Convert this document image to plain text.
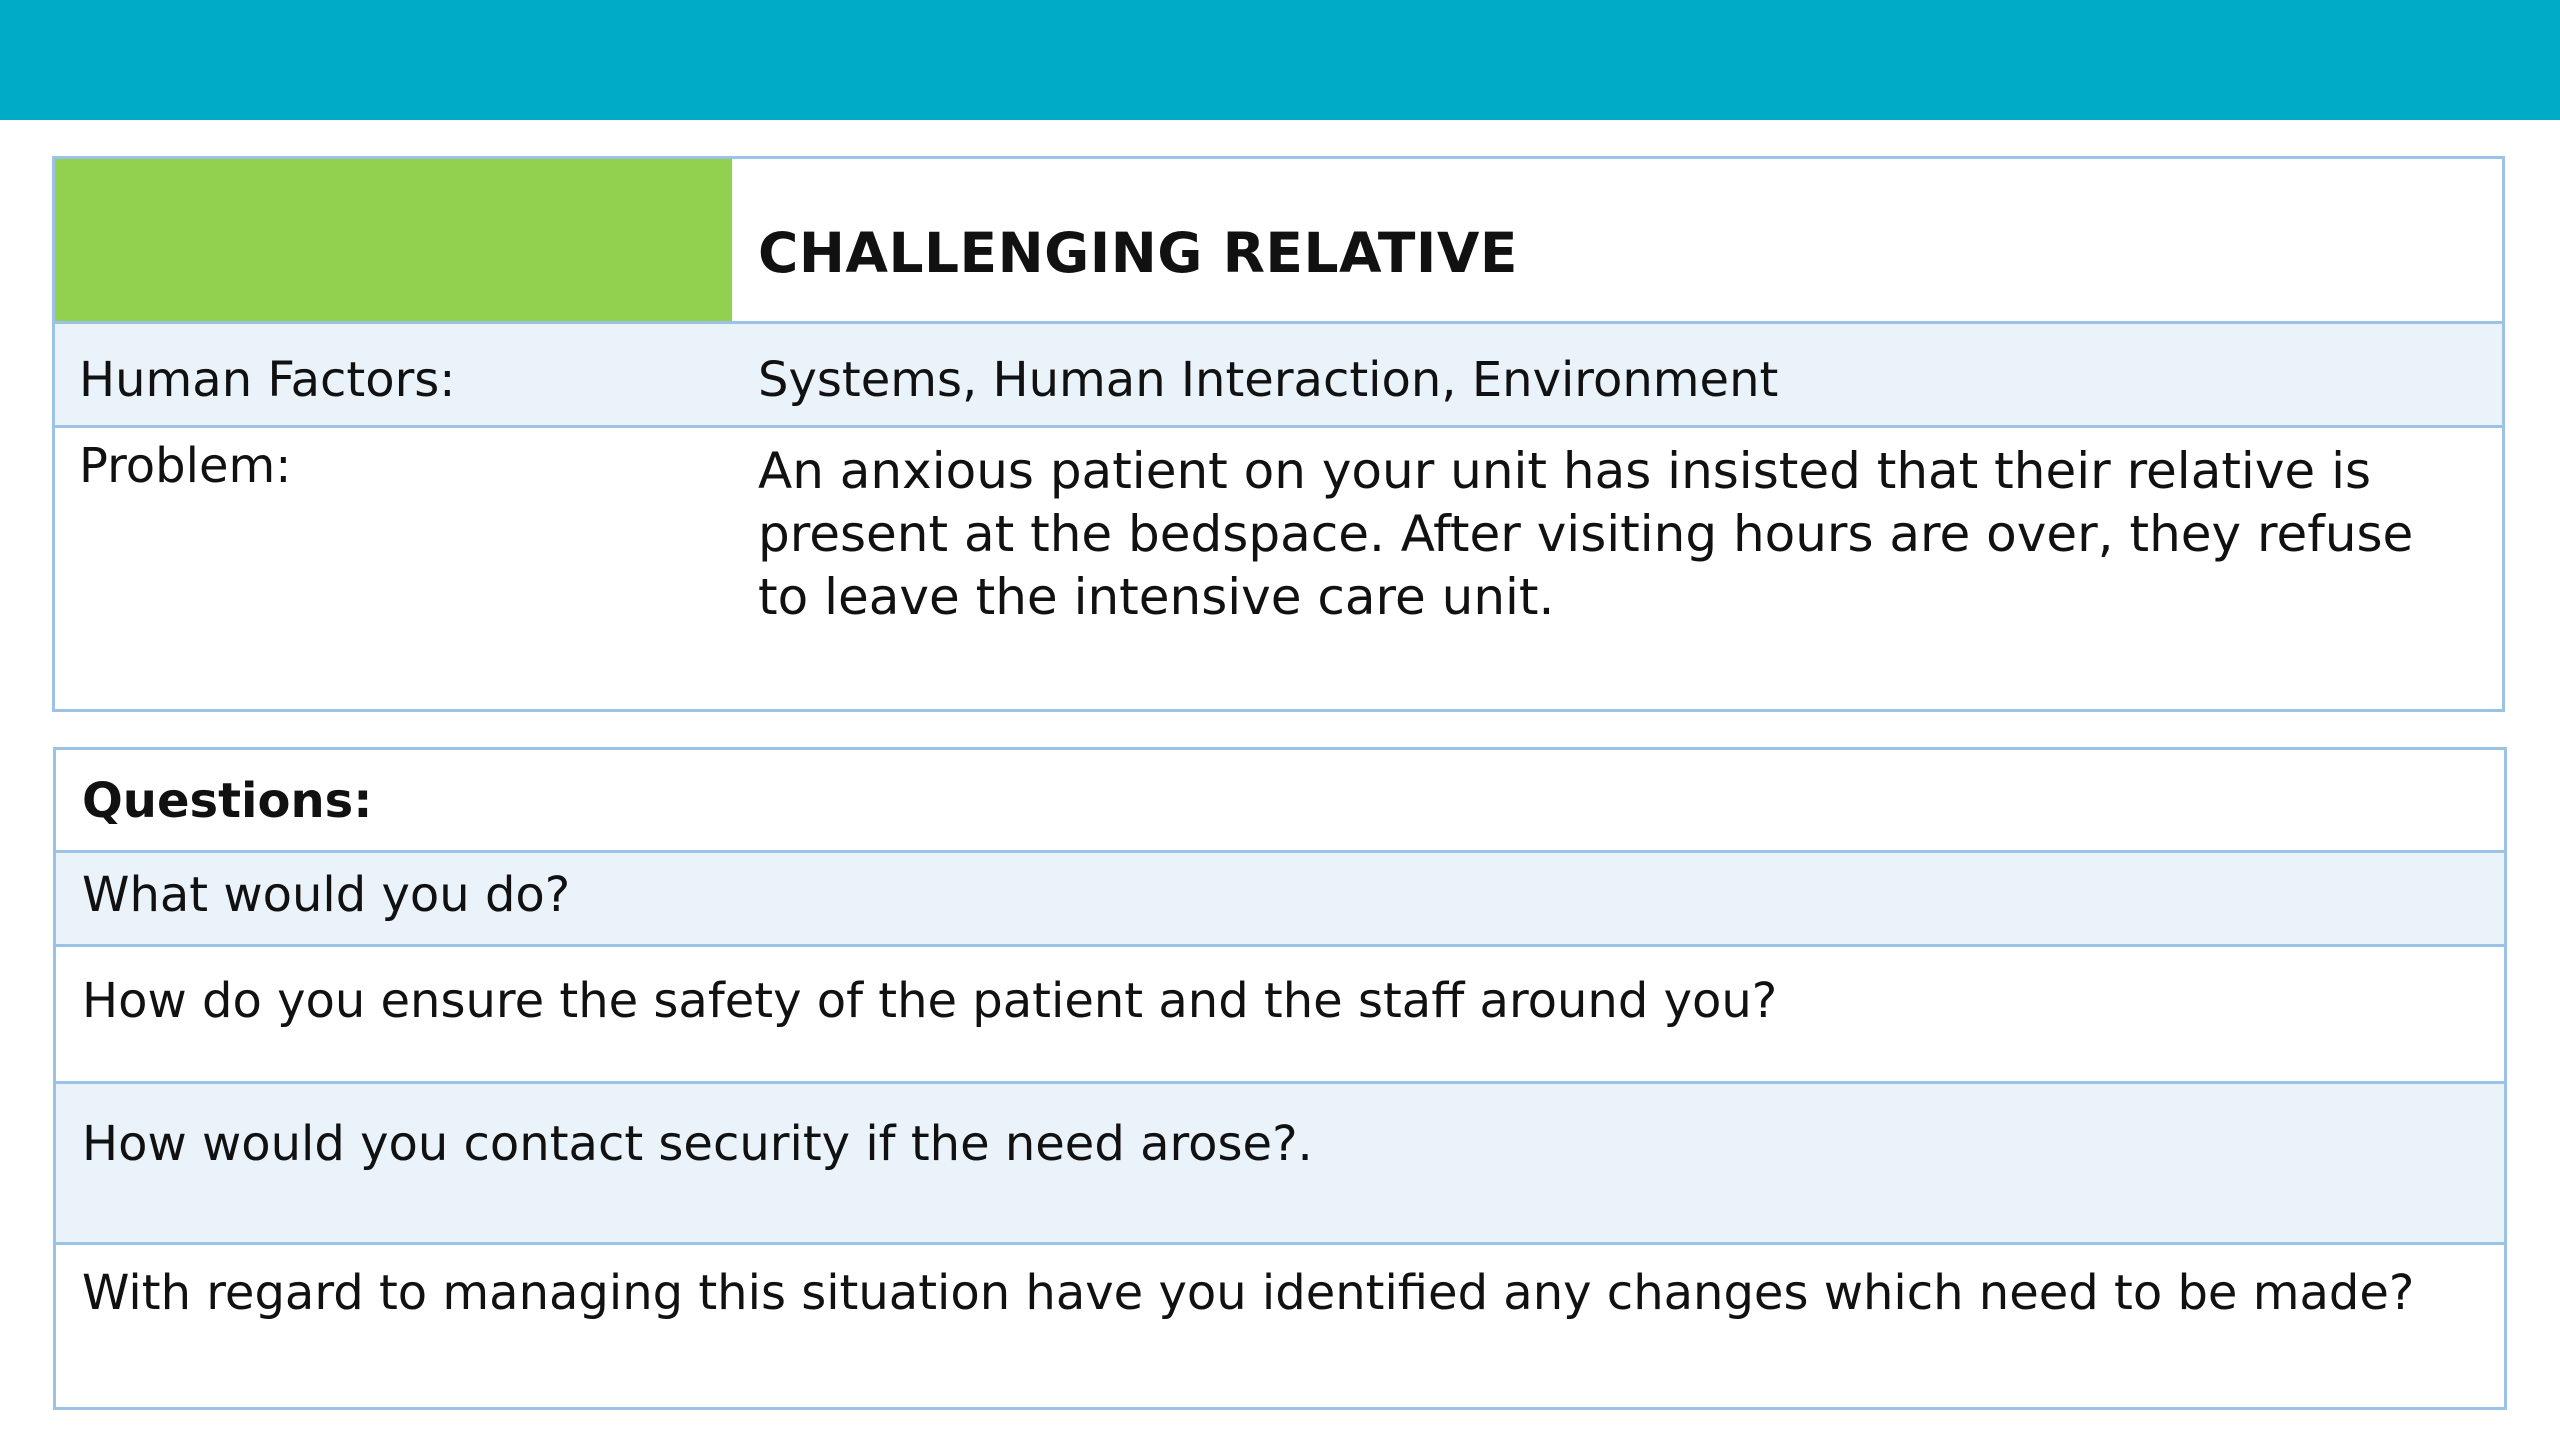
CHALLENGING RELATIVE
Human Factors:	Systems, Human Interaction, Environment
Problem:	An anxious patient on your unit has insisted that their relative is present at the bedspace. After visiting hours are over, they refuse to leave the intensive care unit.
Questions:
What would you do?
How do you ensure the safety of the patient and the staff around you?
How would you contact security if the need arose?.
With regard to managing this situation have you identified any changes which need to be made?
